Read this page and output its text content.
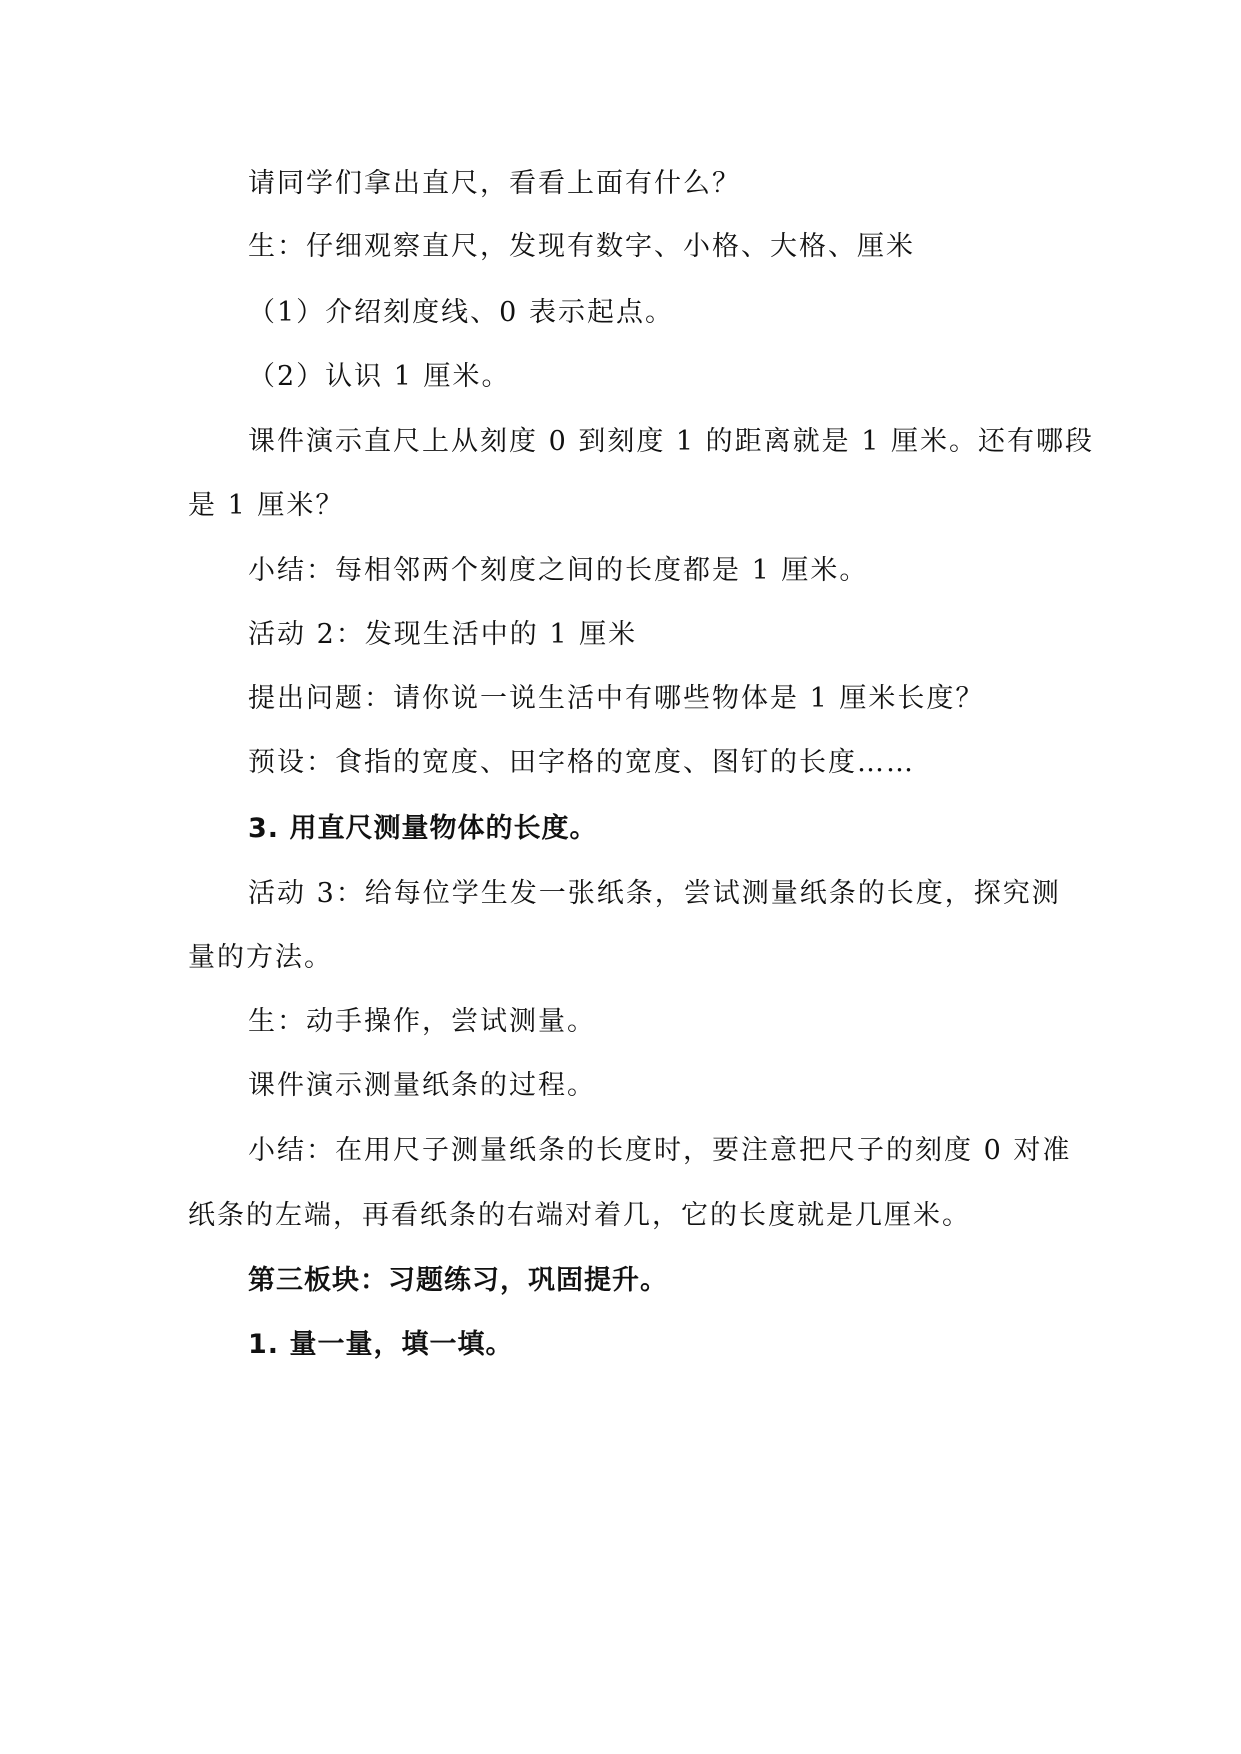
请同学们拿出直尺，看看上面有什么？
生：仔细观察直尺，发现有数字、小格、大格、厘米
（1）介绍刻度线、0 表示起点。
（2）认识 1 厘米。
课件演示直尺上从刻度 0 到刻度 1 的距离就是 1 厘米。还有哪段
是 1 厘米？
小结：每相邻两个刻度之间的长度都是 1 厘米。
活动 2：发现生活中的 1 厘米
提出问题：请你说一说生活中有哪些物体是 1 厘米长度？
预设：食指的宽度、田字格的宽度、图钉的长度……
3. 用直尺测量物体的长度。
活动 3：给每位学生发一张纸条，尝试测量纸条的长度，探究测
量的方法。
生：动手操作，尝试测量。
课件演示测量纸条的过程。
小结：在用尺子测量纸条的长度时，要注意把尺子的刻度 0 对准
纸条的左端，再看纸条的右端对着几，它的长度就是几厘米。
第三板块：习题练习，巩固提升。
1. 量一量，填一填。
